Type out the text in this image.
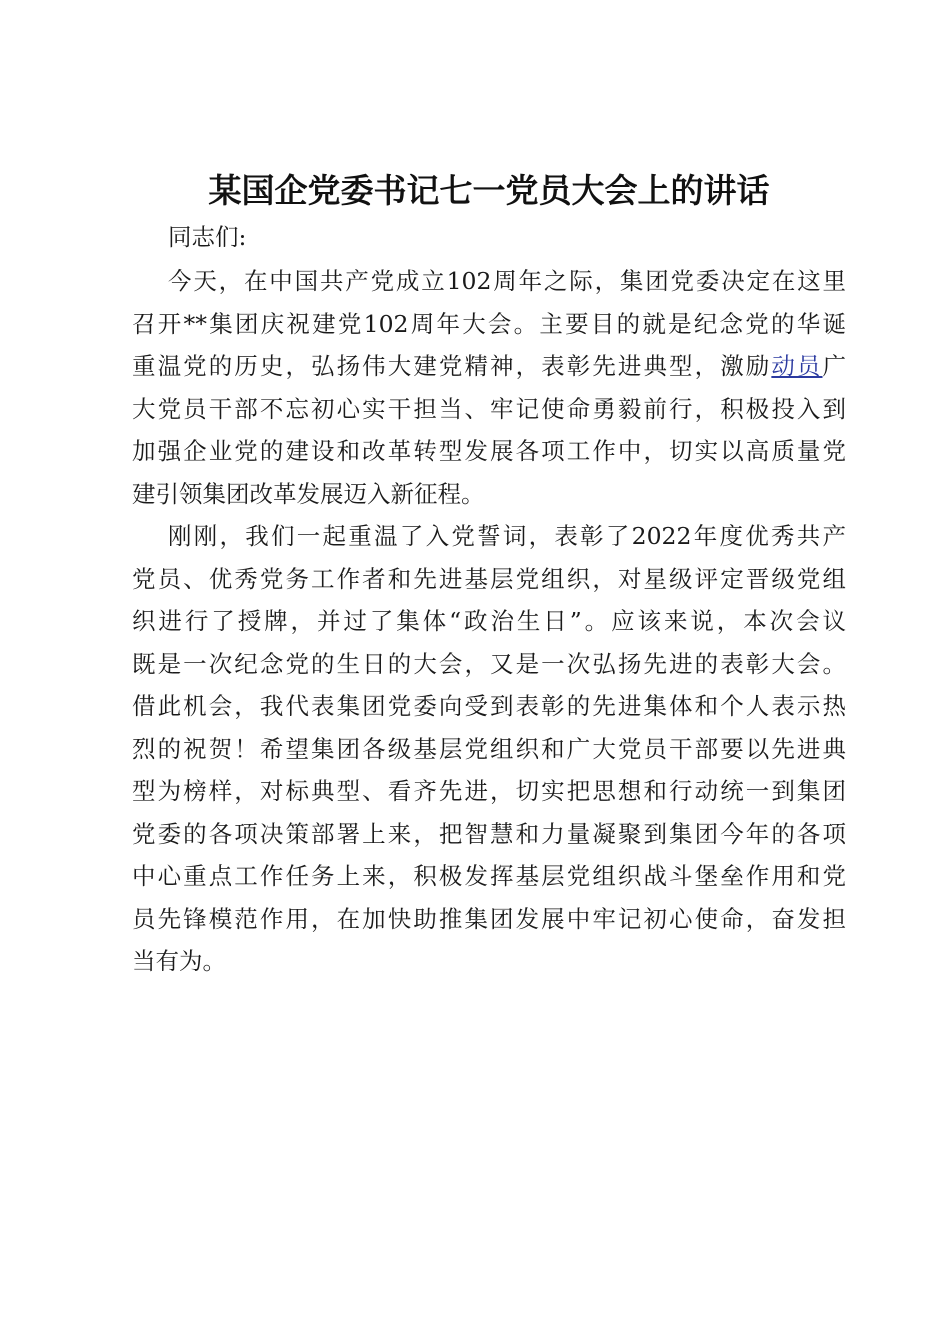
某国企党委书记七一党员大会上的讲话
同志们:
今天，在中国共产党成立102周年之际，集团党委决定在这里
召开**集团庆祝建党102周年大会。主要目的就是纪念党的华诞
重温党的历史，弘扬伟大建党精神，表彰先进典型，激励动员广
大党员干部不忘初心实干担当、牢记使命勇毅前行，积极投入到
加强企业党的建设和改革转型发展各项工作中，切实以高质量党
建引领集团改革发展迈入新征程。
刚刚，我们一起重温了入党誓词，表彰了2022年度优秀共产
党员、优秀党务工作者和先进基层党组织，对星级评定晋级党组
织进行了授牌，并过了集体“政治生日”。应该来说，本次会议
既是一次纪念党的生日的大会，又是一次弘扬先进的表彰大会。
借此机会，我代表集团党委向受到表彰的先进集体和个人表示热
烈的祝贺！希望集团各级基层党组织和广大党员干部要以先进典
型为榜样，对标典型、看齐先进，切实把思想和行动统一到集团
党委的各项决策部署上来，把智慧和力量凝聚到集团今年的各项
中心重点工作任务上来，积极发挥基层党组织战斗堡垒作用和党
员先锋模范作用，在加快助推集团发展中牢记初心使命，奋发担
当有为。
